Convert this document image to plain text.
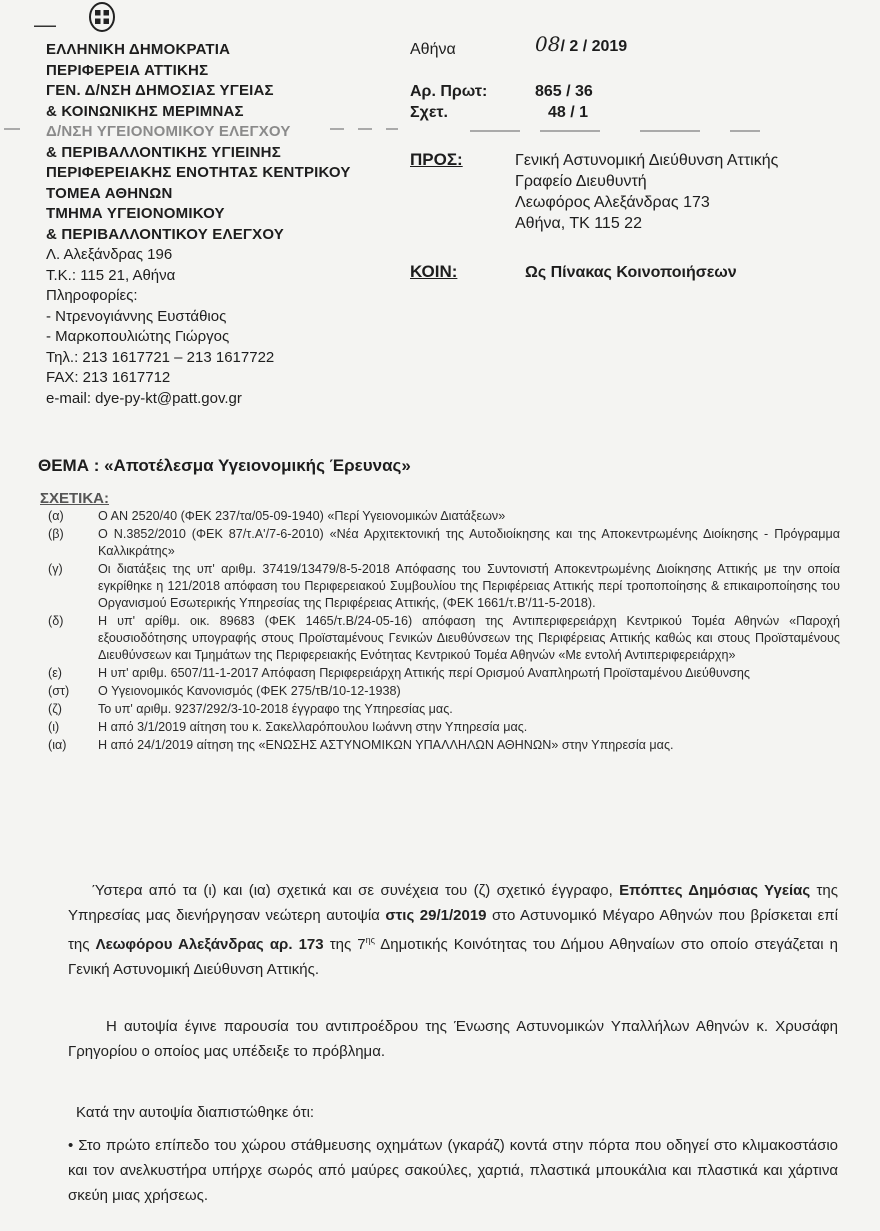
—
ΕΛΛΗΝΙΚΗ ΔΗΜΟΚΡΑΤΙΑ
ΠΕΡΙΦΕΡΕΙΑ ΑΤΤΙΚΗΣ
ΓΕΝ. Δ/ΝΣΗ ΔΗΜΟΣΙΑΣ ΥΓΕΙΑΣ
& ΚΟΙΝΩΝΙΚΗΣ ΜΕΡΙΜΝΑΣ
Δ/ΝΣΗ ΥΓΕΙΟΝΟΜΙΚΟΥ ΕΛΕΓΧΟΥ
& ΠΕΡΙΒΑΛΛΟΝΤΙΚΗΣ ΥΓΙΕΙΝΗΣ
ΠΕΡΙΦΕΡΕΙΑΚΗΣ ΕΝΟΤΗΤΑΣ ΚΕΝΤΡΙΚΟΥ
ΤΟΜΕΑ ΑΘΗΝΩΝ
ΤΜΗΜΑ ΥΓΕΙΟΝΟΜΙΚΟΥ
& ΠΕΡΙΒΑΛΛΟΝΤΙΚΟΥ ΕΛΕΓΧΟΥ
Λ. Αλεξάνδρας 196
Τ.Κ.: 115 21, Αθήνα
Πληροφορίες:
- Ντρενογιάννης Ευστάθιος
- Μαρκοπουλιώτης Γιώργος
Τηλ.: 213 1617721 – 213 1617722
FAX: 213 1617712
e-mail: dye-py-kt@patt.gov.gr
Αθήνα	08/ 2 / 2019
Αρ. Πρωτ:	865 / 36
Σχετ.	48 / 1
ΠΡΟΣ:	Γενική Αστυνομική Διεύθυνση Αττικής
Γραφείο Διευθυντή
Λεωφόρος Αλεξάνδρας 173
Αθήνα, ΤΚ 115 22
ΚΟΙΝ:	Ως Πίνακας Κοινοποιήσεων
ΘΕΜΑ : «Αποτέλεσμα Υγειονομικής Έρευνας»
ΣΧΕΤΙΚΑ:
(α)	Ο ΑΝ 2520/40 (ΦΕΚ 237/τα/05-09-1940) «Περί Υγειονομικών Διατάξεων»
(β)	Ο Ν.3852/2010 (ΦΕΚ 87/τ.Α'/7-6-2010) «Νέα Αρχιτεκτονική της Αυτοδιοίκησης και της Αποκεντρωμένης Διοίκησης - Πρόγραμμα Καλλικράτης»
(γ)	Οι διατάξεις της υπ' αριθμ. 37419/13479/8-5-2018 Απόφασης του Συντονιστή Αποκεντρωμένης Διοίκησης Αττικής με την οποία εγκρίθηκε η 121/2018 απόφαση του Περιφερειακού Συμβουλίου της Περιφέρειας Αττικής περί τροποποίησης & επικαιροποίησης του Οργανισμού Εσωτερικής Υπηρεσίας της Περιφέρειας Αττικής, (ΦΕΚ 1661/τ.Β'/11-5-2018).
(δ)	Η υπ' αρίθμ. οικ. 89683 (ΦΕΚ 1465/τ.Β/24-05-16) απόφαση της Αντιπεριφερειάρχη Κεντρικού Τομέα Αθηνών «Παροχή εξουσιοδότησης υπογραφής στους Προϊσταμένους Γενικών Διευθύνσεων της Περιφέρειας Αττικής καθώς και στους Προϊσταμένους Διευθύνσεων και Τμημάτων της Περιφερειακής Ενότητας Κεντρικού Τομέα Αθηνών «Με εντολή Αντιπεριφερειάρχη»
(ε)	Η υπ' αριθμ. 6507/11-1-2017 Απόφαση Περιφερειάρχη Αττικής περί Ορισμού Αναπληρωτή Προϊσταμένου Διεύθυνσης
(στ)	Ο Υγειονομικός Κανονισμός (ΦΕΚ 275/τΒ/10-12-1938)
(ζ)	Το υπ' αριθμ. 9237/292/3-10-2018 έγγραφο της Υπηρεσίας μας.
(ι)	Η από 3/1/2019 αίτηση του κ. Σακελλαρόπουλου Ιωάννη στην Υπηρεσία μας.
(ια)	Η από 24/1/2019 αίτηση της «ΕΝΩΣΗΣ ΑΣΤΥΝΟΜΙΚΩΝ ΥΠΑΛΛΗΛΩΝ ΑΘΗΝΩΝ» στην Υπηρεσία μας.
Ύστερα από τα (ι) και (ια) σχετικά και σε συνέχεια του (ζ) σχετικό έγγραφο, Επόπτες Δημόσιας Υγείας της Υπηρεσίας μας διενήργησαν νεώτερη αυτοψία στις 29/1/2019 στο Αστυνομικό Μέγαρο Αθηνών που βρίσκεται επί της Λεωφόρου Αλεξάνδρας αρ. 173 της $7^{\eta\varsigma}$ Δημοτικής Κοινότητας του Δήμου Αθηναίων στο οποίο στεγάζεται η Γενική Αστυνομική Διεύθυνση Αττικής.
Η αυτοψία έγινε παρουσία του αντιπροέδρου της Ένωσης Αστυνομικών Υπαλλήλων Αθηνών κ. Χρυσάφη Γρηγορίου ο οποίος μας υπέδειξε το πρόβλημα.
Κατά την αυτοψία διαπιστώθηκε ότι:
• Στο πρώτο επίπεδο του χώρου στάθμευσης οχημάτων (γκαράζ) κοντά στην πόρτα που οδηγεί στο κλιμακοστάσιο και τον ανελκυστήρα υπήρχε σωρός από μαύρες σακούλες, χαρτιά, πλαστικά μπουκάλια και πλαστικά και χάρτινα σκεύη μιας χρήσεως.
